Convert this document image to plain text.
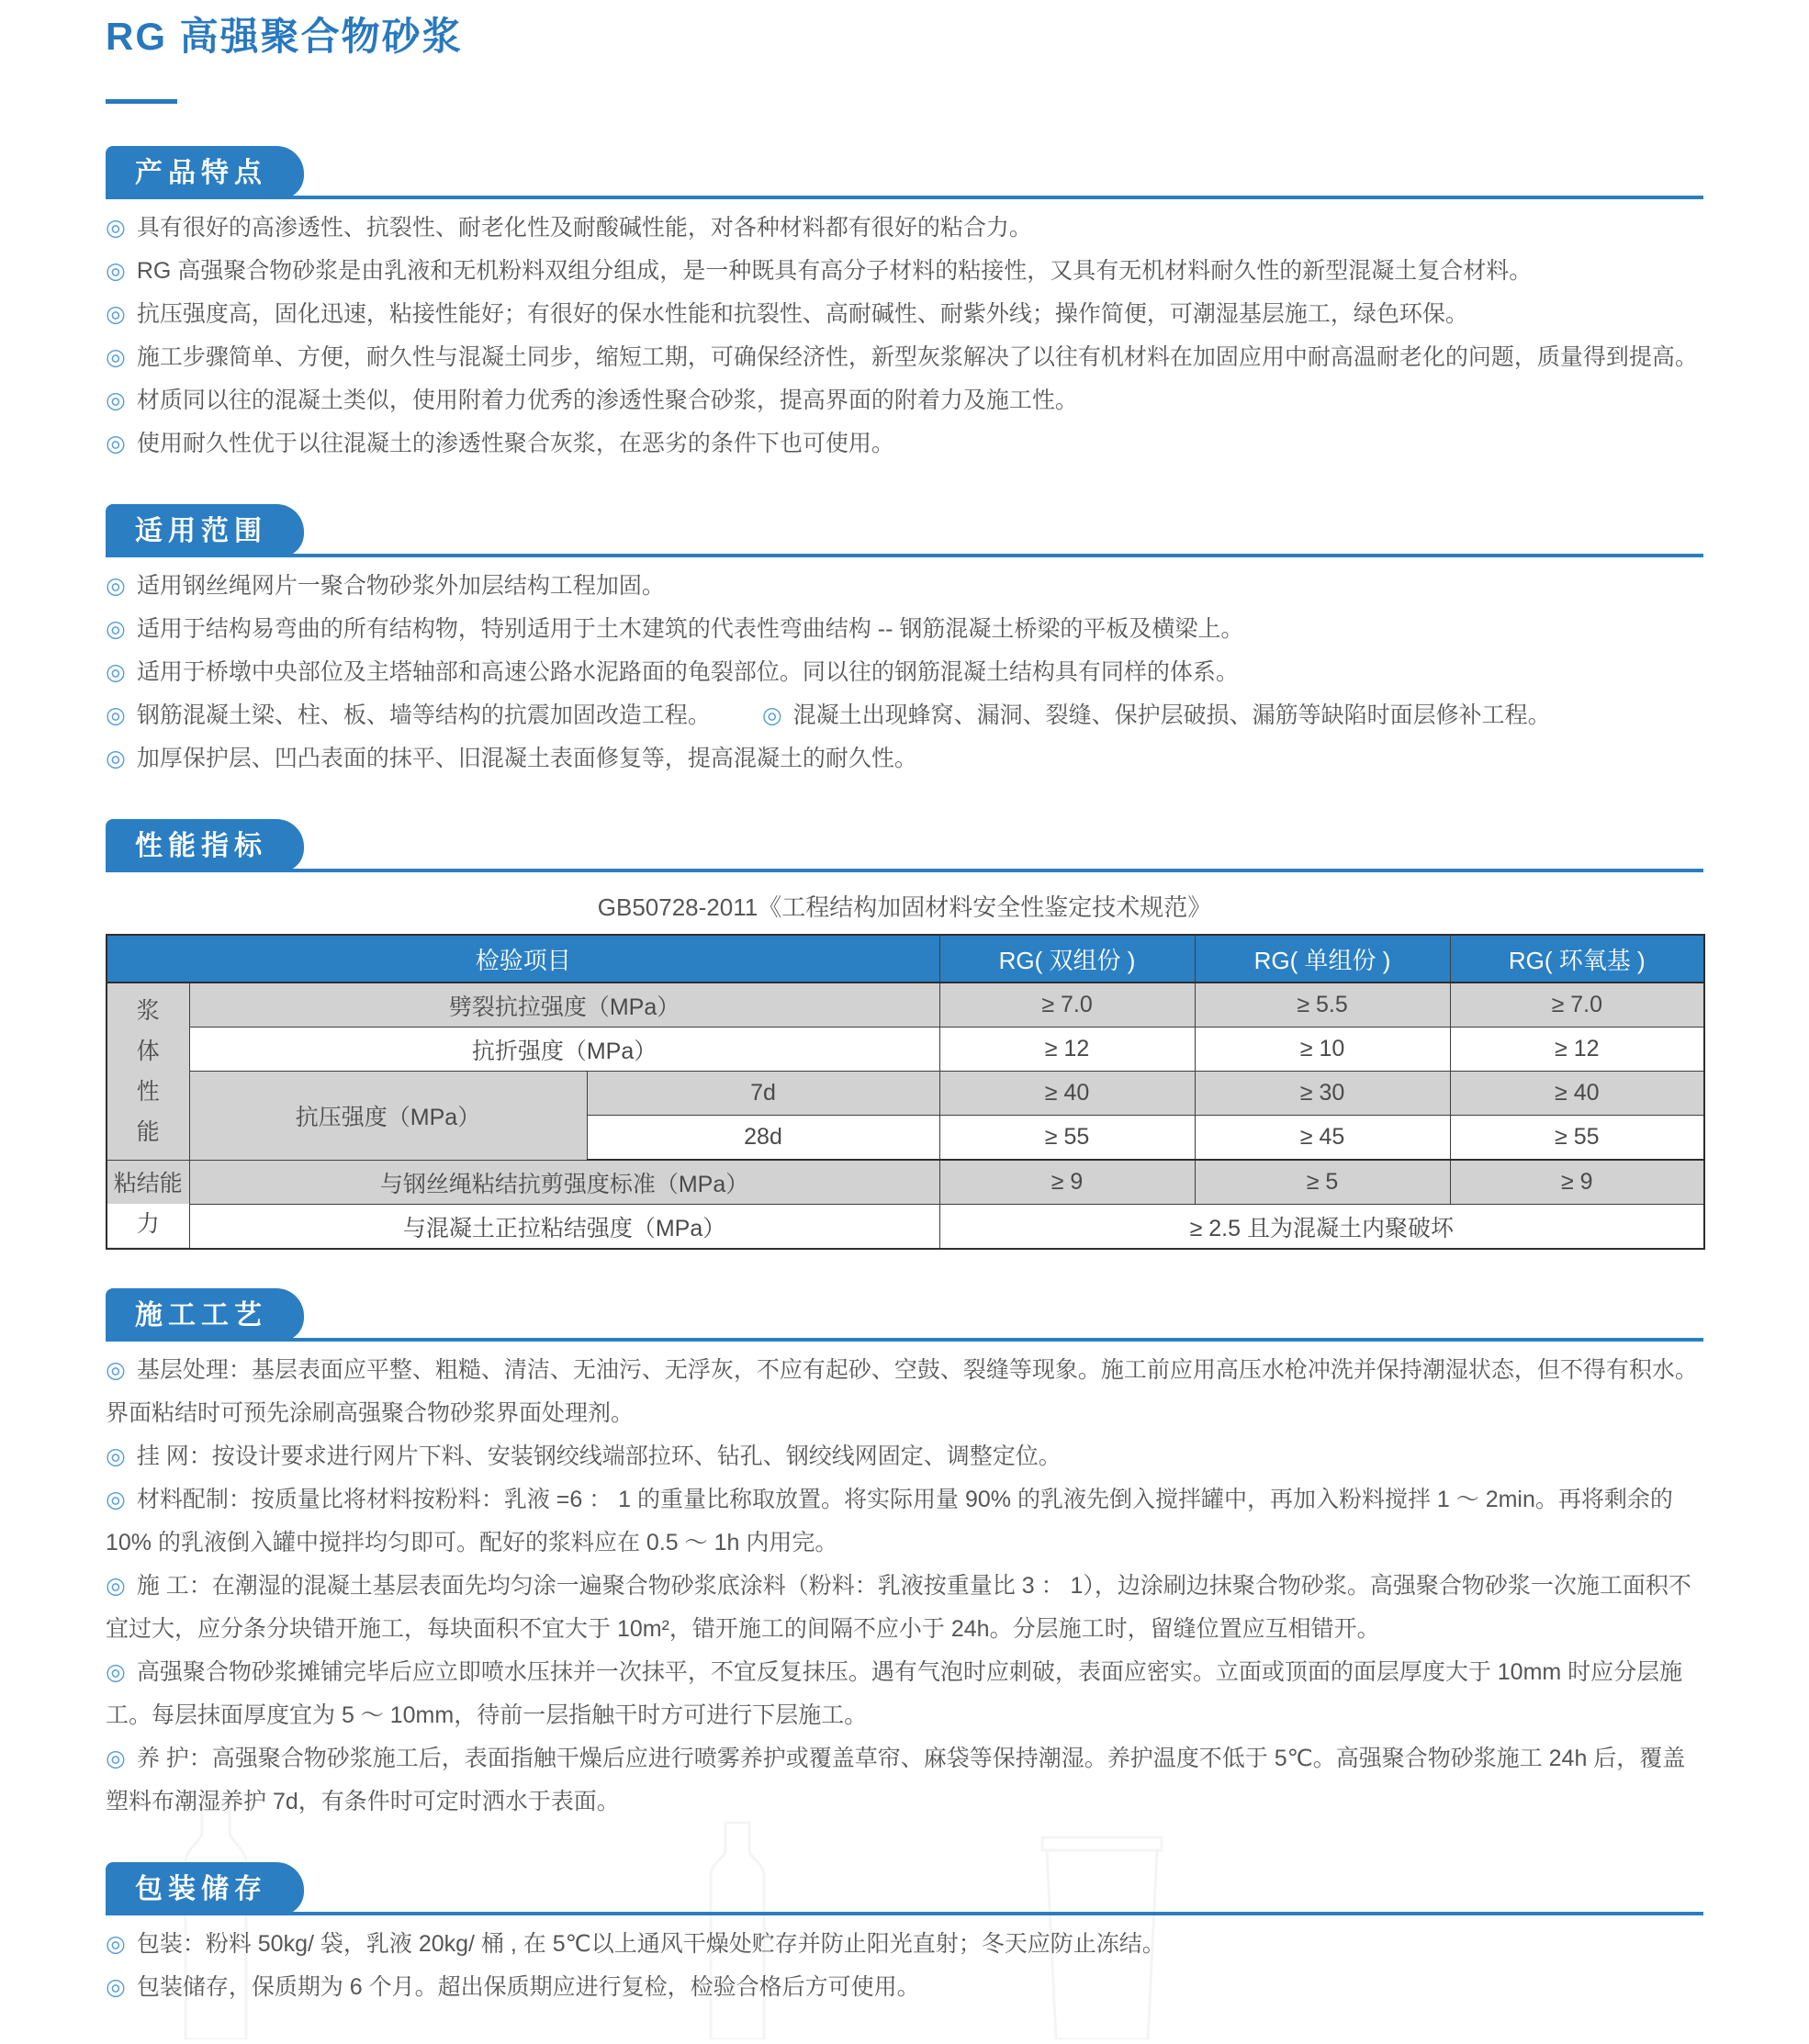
RG 高强聚合物砂浆
产品特点

◎ 具有很好的高渗透性、抗裂性、耐老化性及耐酸碱性能，对各种材料都有很好的粘合力。

◎ RG 高强聚合物砂浆是由乳液和无机粉料双组分组成，是一种既具有高分子材料的粘接性，又具有无机材料耐久性的新型混凝土复合材料。

◎ 抗压强度高，固化迅速，粘接性能好；有很好的保水性能和抗裂性、高耐碱性、耐紫外线；操作简便，可潮湿基层施工，绿色环保。

◎ 施工步骤简单、方便，耐久性与混凝土同步，缩短工期，可确保经济性，新型灰浆解决了以往有机材料在加固应用中耐高温耐老化的问题，质量得到提高。

◎ 材质同以往的混凝土类似，使用附着力优秀的渗透性聚合砂浆，提高界面的附着力及施工性。

◎ 使用耐久性优于以往混凝土的渗透性聚合灰浆，在恶劣的条件下也可使用。

适用范围

◎ 适用钢丝绳网片一聚合物砂浆外加层结构工程加固。

◎ 适用于结构易弯曲的所有结构物，特别适用于土木建筑的代表性弯曲结构 -- 钢筋混凝土桥梁的平板及横梁上。

◎ 适用于桥墩中央部位及主塔轴部和高速公路水泥路面的龟裂部位。同以往的钢筋混凝土结构具有同样的体系。

◎ 钢筋混凝土梁、柱、板、墙等结构的抗震加固改造工程。 ◎ 混凝土出现蜂窝、漏洞、裂缝、保护层破损、漏筋等缺陷时面层修补工程。

◎ 加厚保护层、凹凸表面的抹平、旧混凝土表面修复等，提高混凝土的耐久性。

性能指标
GB50728-2011《工程结构加固材料安全性鉴定技术规范》
检验项目			RG( 双组份 )	RG( 单组份 )	RG( 环氧基 )

浆体性能	劈裂抗拉强度（MPa）		≥ 7.0	≥ 5.5	≥ 7.0
	抗折强度（MPa）		≥ 12	≥ 10	≥ 12
	抗压强度（MPa）	7d	≥ 40	≥ 30	≥ 40
		28d	≥ 55	≥ 45	≥ 55

粘结能力	与钢丝绳粘结抗剪强度标准（MPa）		≥ 9	≥ 5	≥ 9
	与混凝土正拉粘结强度（MPa）		≥ 2.5 且为混凝土内聚破坏		
施工工艺

◎ 基层处理：基层表面应平整、粗糙、清洁、无油污、无浮灰，不应有起砂、空鼓、裂缝等现象。施工前应用高压水枪冲洗并保持潮湿状态，但不得有积水。界面粘结时可预先涂刷高强聚合物砂浆界面处理剂。

◎ 挂 网：按设计要求进行网片下料、安装钢绞线端部拉环、钻孔、钢绞线网固定、调整定位。

◎ 材料配制：按质量比将材料按粉料：乳液 =6 ： 1 的重量比称取放置。将实际用量 90% 的乳液先倒入搅拌罐中，再加入粉料搅拌 1 ～ 2min。再将剩余的 10% 的乳液倒入罐中搅拌均匀即可。配好的浆料应在 0.5 ～ 1h 内用完。

◎ 施 工：在潮湿的混凝土基层表面先均匀涂一遍聚合物砂浆底涂料（粉料：乳液按重量比 3 ： 1），边涂刷边抹聚合物砂浆。高强聚合物砂浆一次施工面积不宜过大，应分条分块错开施工，每块面积不宜大于 10m²，错开施工的间隔不应小于 24h。分层施工时，留缝位置应互相错开。

◎ 高强聚合物砂浆摊铺完毕后应立即喷水压抹并一次抹平，不宜反复抹压。遇有气泡时应刺破，表面应密实。立面或顶面的面层厚度大于 10mm 时应分层施工。每层抹面厚度宜为 5 ～ 10mm，待前一层指触干时方可进行下层施工。

◎ 养 护：高强聚合物砂浆施工后，表面指触干燥后应进行喷雾养护或覆盖草帘、麻袋等保持潮湿。养护温度不低于 5℃。高强聚合物砂浆施工 24h 后，覆盖塑料布潮湿养护 7d，有条件时可定时洒水于表面。

包装储存

◎ 包装：粉料 50kg/ 袋，乳液 20kg/ 桶 , 在 5℃以上通风干燥处贮存并防止阳光直射；冬天应防止冻结。

◎ 包装储存，保质期为 6 个月。超出保质期应进行复检，检验合格后方可使用。
